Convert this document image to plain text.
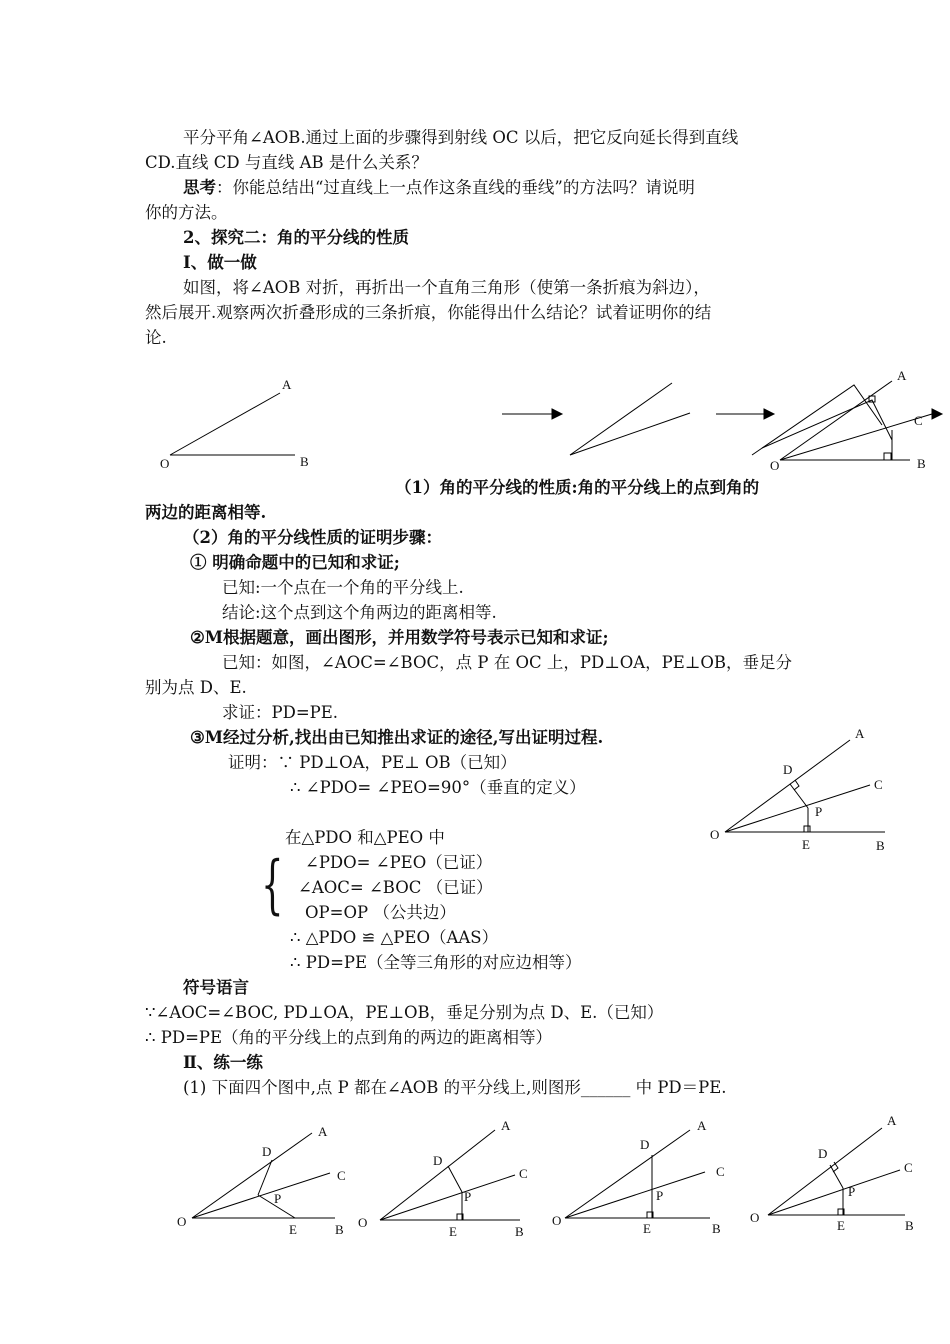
平分平角∠AOB.通过上面的步骤得到射线 OC 以后，把它反向延长得到直线
CD.直线 CD 与直线 AB 是什么关系？
思考：你能总结出“过直线上一点作这条直线的垂线”的方法吗？请说明
你的方法。
2、探究二：角的平分线的性质
Ⅰ、做一做
如图，将∠AOB 对折，再折出一个直角三角形（使第一条折痕为斜边），
然后展开.观察两次折叠形成的三条折痕，你能得出什么结论？试着证明你的结
论.
A
O	B
A
C
O	B
（1）角的平分线的性质:角的平分线上的点到角的
两边的距离相等.
（2）角的平分线性质的证明步骤：
① 明确命题中的已知和求证;
已知:一个点在一个角的平分线上.
结论:这个点到这个角两边的距离相等.
②M根据题意，画出图形，并用数学符号表示已知和求证;
已知：如图，∠AOC=∠BOC，点 P 在 OC 上，PD⊥OA，PE⊥OB，垂足分
别为点 D、E.
求证：PD=PE.
③M经过分析,找出由已知推出求证的途径,写出证明过程.
证明：∵ PD⊥OA，PE⊥ OB（已知）
∴ ∠PDO= ∠PEO=90°（垂直的定义）
在△PDO 和△PEO 中
{ ∠PDO= ∠PEO（已证）
∠AOC= ∠BOC （已证）
OP=OP （公共边）
∴ △PDO ≌ △PEO（AAS）
∴ PD=PE（全等三角形的对应边相等）
A
D
C
P
O
E	B
符号语言
∵∠AOC=∠BOC, PD⊥OA，PE⊥OB，垂足分别为点 D、E.（已知）
∴ PD=PE（角的平分线上的点到角的两边的距离相等）
Ⅱ、练一练
(1) 下面四个图中,点 P 都在∠AOB 的平分线上,则图形______ 中 PD＝PE.
A
D
C
P
O
E	B
A
D
C
P
O
E	B
A
D
C
P
O
E	B
A
D
C
P
O
E	B
